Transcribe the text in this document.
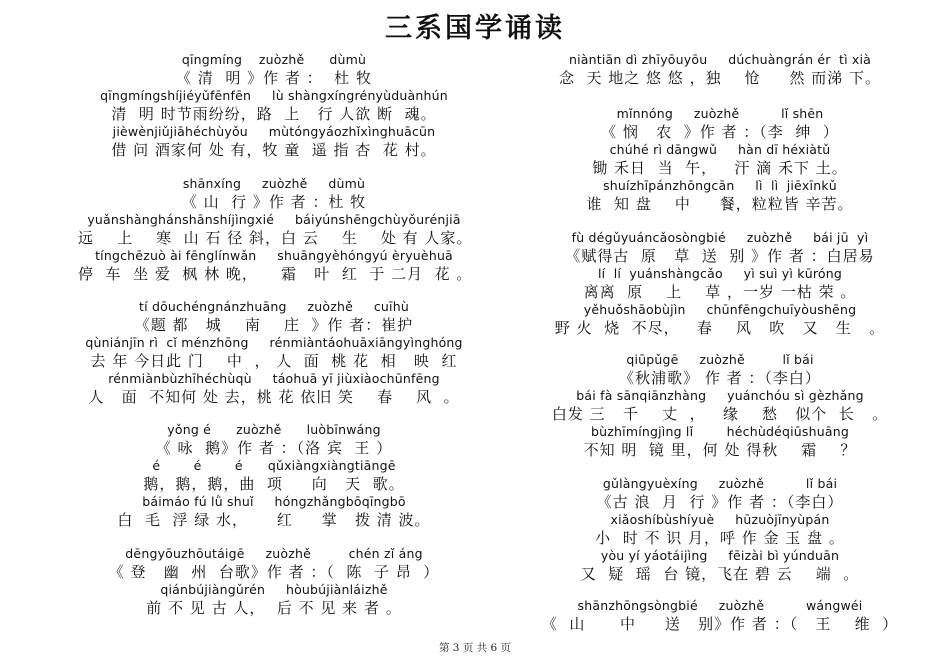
三系国学诵读
qīngmíng    zuòzhě      dùmù
《 清  明 》作 者 ：  杜 牧
qīngmíngshíjiéyǔfēnfēn     lù shàngxíngrényùduànhún
清  明 时节雨纷纷，路  上   行 人欲 断  魂。
jièwènjiǔjiāhéchùyǒu     mùtóngyáozhǐxìnghuācūn
借 问 酒家何 处 有，牧 童  遥 指 杏  花 村。
shānxíng     zuòzhě     dùmù
《 山  行 》作 者 ：杜 牧
yuǎnshànghánshānshíjìngxié     báiyúnshēngchùyǒurénjiā
远    上    寒  山 石 径 斜，白 云    生    处 有 人家。
tíngchēzuò ài fēnglínwǎn     shuāngyèhóngyú èryuèhuā
停  车  坐 爱  枫 林 晚，    霜   叶  红  于 二月  花 。
tí dōuchéngnánzhuāng     zuòzhě     cuīhù
《题 都   城    南    庄  》作 者：崔护
qùniánjīn rì  cǐ ménzhōng     rénmiàntáohuāxiāngyìnghóng
去 年 今日此 门    中  ， 人  面  桃 花  相   映  红
rénmiànbùzhīhéchùqù     táohuā yī jiùxiàochūnfēng
人   面  不知何 处 去，桃 花 依旧 笑    春    风  。
yǒng é      zuòzhě      luòbīnwáng
《 咏  鹅》作 者 ：（洛 宾  王 ）
é        é        é      qǔxiàngxiàngtiāngē
鹅，鹅，鹅，曲  项     向   天  歌。
báimáo fú lǜ shuǐ     hóngzhǎngbōqīngbō
白  毛  浮 绿 水，     红     掌   拨 清 波。
dēngyōuzhōutáigē     zuòzhě         chén zǐ áng
《 登   幽  州  台歌》作 者 ：（  陈  子 昂  ）
qiánbújiàngǔrén     hòubújiànláizhě
前 不 见 古 人，  后 不 见 来 者 。
niàntiān dì zhīyōuyōu     dúchuàngrán ér  tì xià
念  天 地之 悠 悠 ，独    怆     然 而涕 下。
mǐnnóng     zuòzhě          lǐ shēn
《 悯   农  》作 者 ：（李  绅  ）
chúhé rì dāngwǔ     hàn dī héxiàtǔ
锄 禾日  当  午，   汗 滴 禾下 土。
shuízhīpánzhōngcān     lì  lì  jiēxīnkǔ
谁  知 盘    中     餐，粒粒皆 辛苦。
fù dégǔyuáncǎosòngbié     zuòzhě     bái jū  yì
《赋得古  原   草  送  别 》作 者 ：白居易
lí  lí  yuánshàngcǎo     yì suì yì kūróng
离离  原    上    草 ，一岁 一枯 荣 。
yěhuǒshāobùjìn     chūnfēngchuīyòushēng
野 火  烧  不尽，   春    风   吹   又   生   。
qiūpǔgē     zuòzhě         lǐ bái
《秋浦歌》 作 者 ：（李白）
bái fà sānqiānzhàng     yuánchóu sì gèzhǎng
白发 三   千    丈  ，   缘    愁   似个  长   。
bùzhīmíngjìng lǐ        héchùdéqiūshuāng
不知 明  镜 里，何 处 得秋    霜    ？
gǔlàngyuèxíng     zuòzhě          lǐ bái
《古 浪  月  行 》作 者 ：（李白）
xiǎoshíbùshíyuè     hūzuòjīnyùpán
小  时 不 识 月，呼 作 金 玉 盘 。
yòu yí yáotáijìng     fēizài bì yúnduān
又  疑  瑶  台 镜，飞在 碧 云    端  。
shānzhōngsòngbié     zuòzhě          wángwéi
《  山      中     送   别》作 者 ：（   王    维  ）
第 3 页 共 6 页
